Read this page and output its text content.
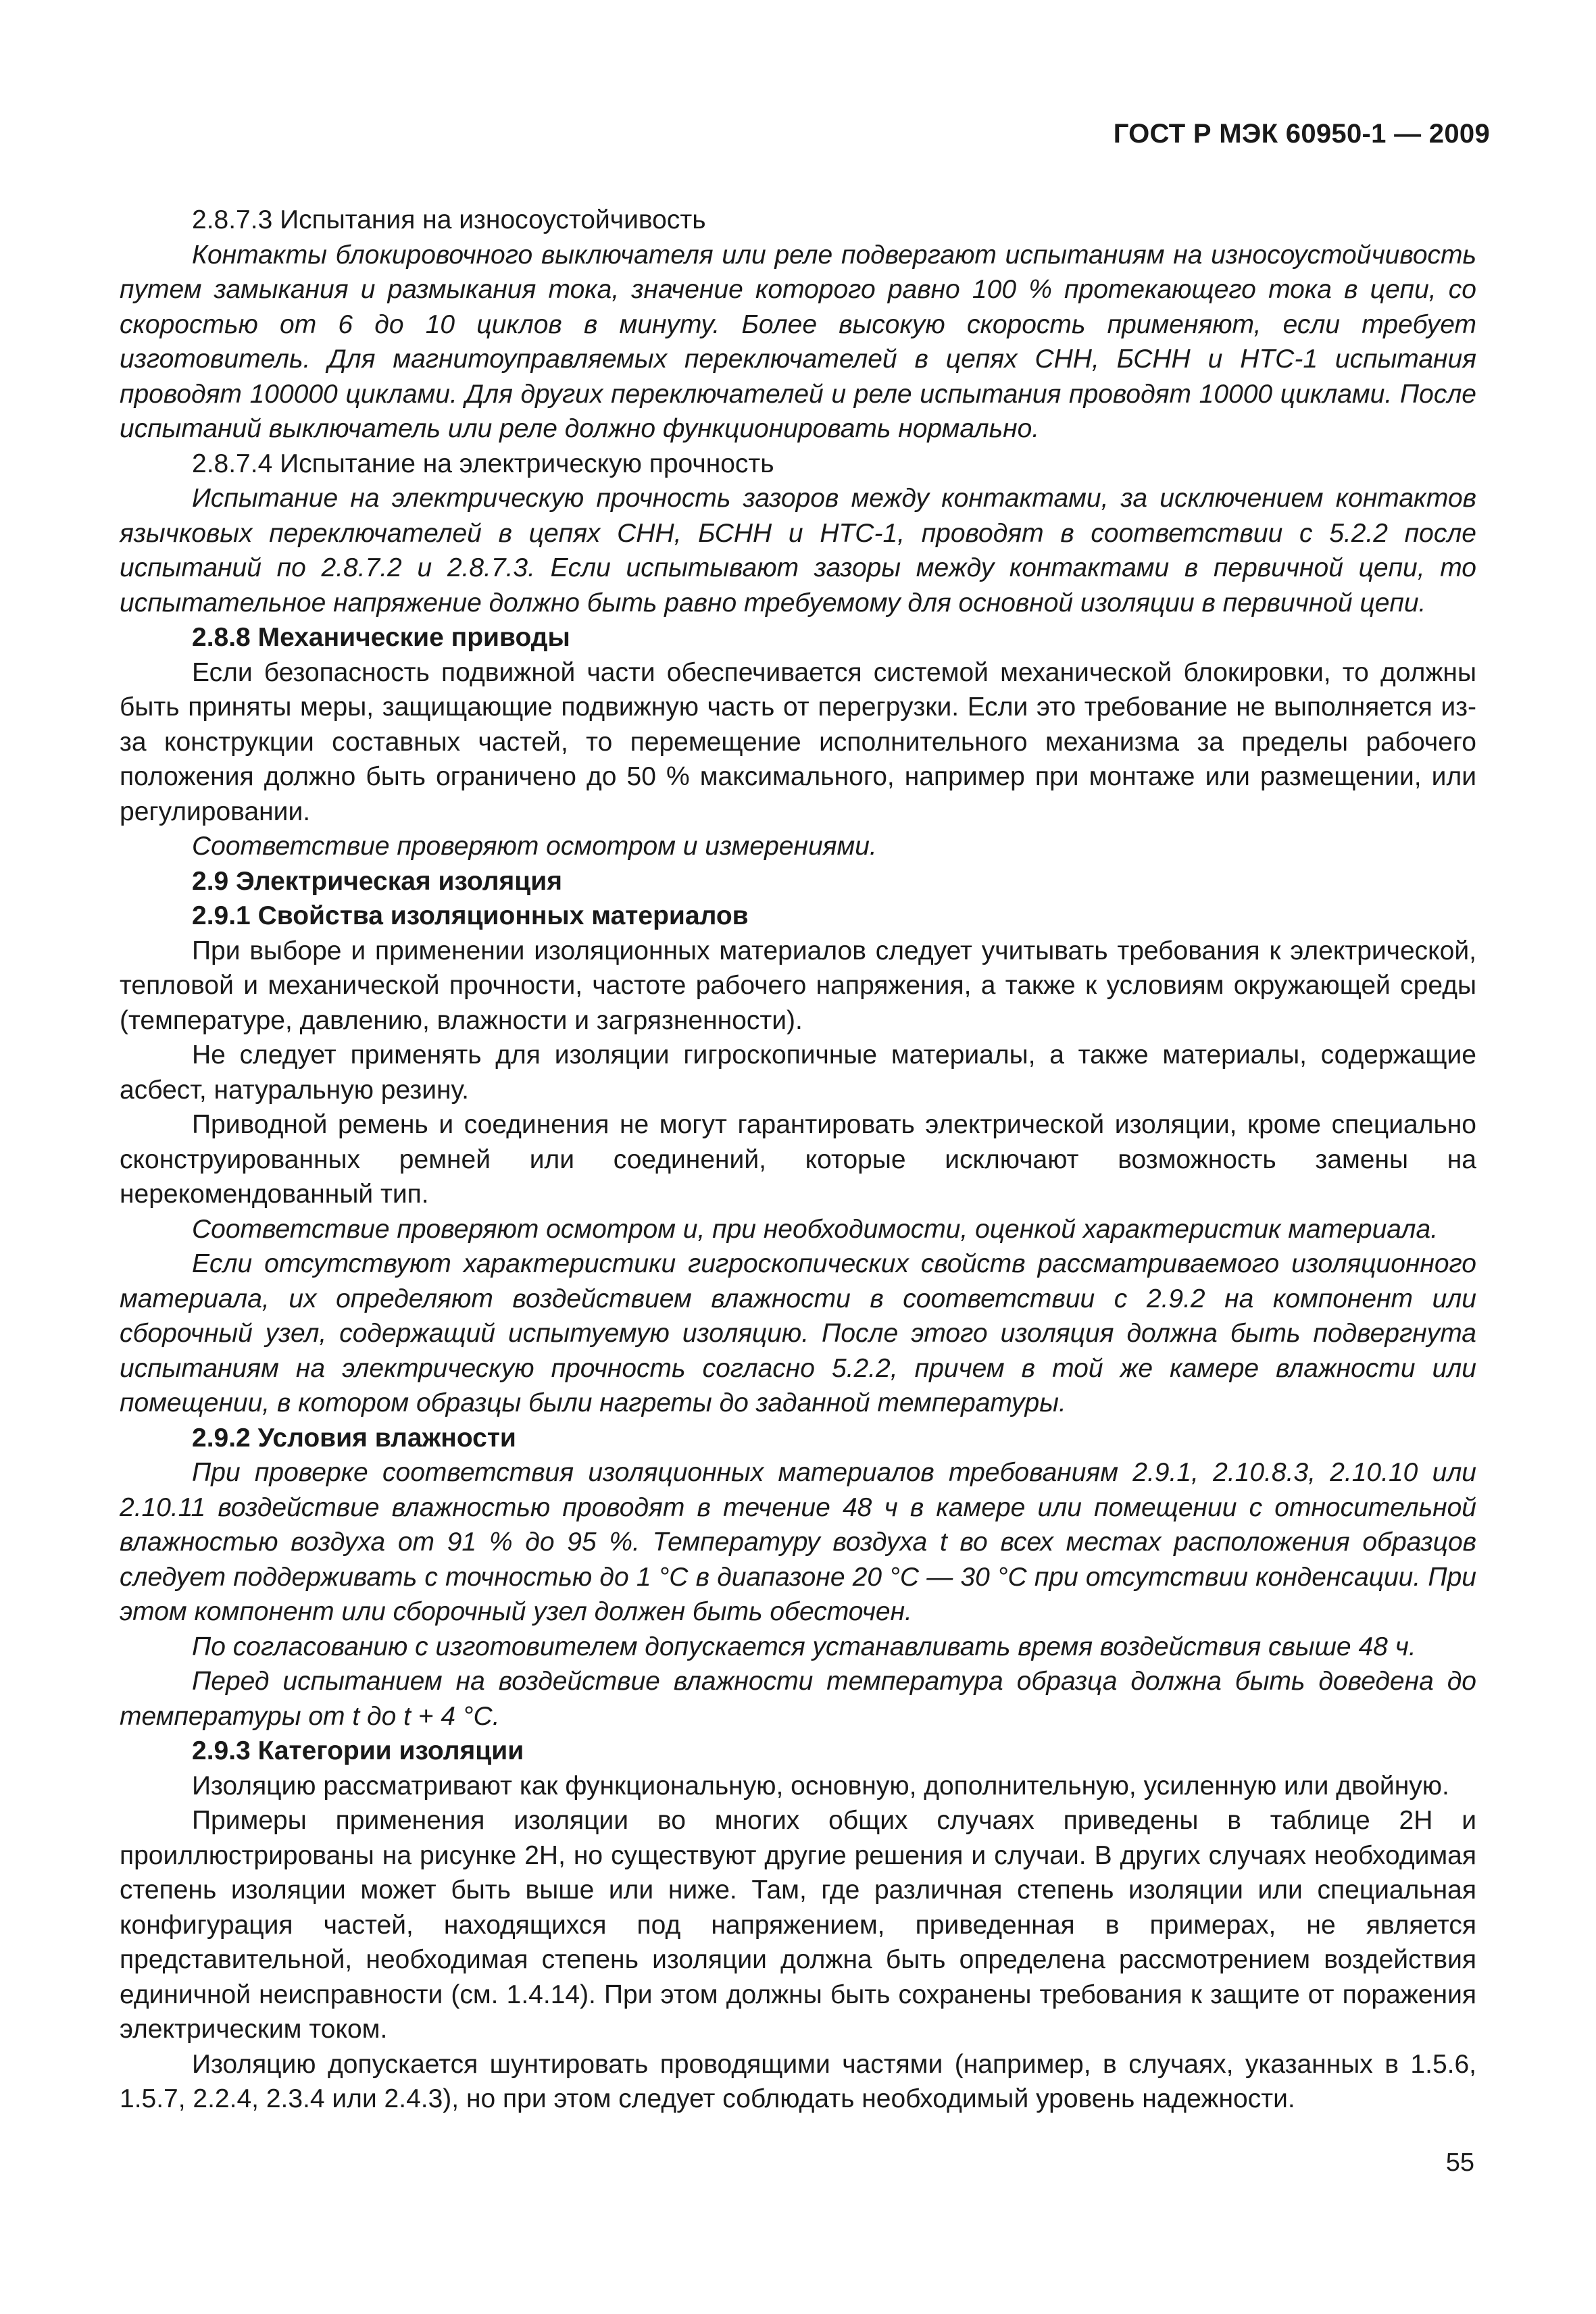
ГОСТ Р МЭК 60950-1 — 2009

2.8.7.3 Испытания на износоустойчивость

Контакты блокировочного выключателя или реле подвергают испытаниям на износоустойчивость путем замыкания и размыкания тока, значение которого равно 100 % протекающего тока в цепи, со скоростью от 6 до 10 циклов в минуту. Более высокую скорость применяют, если требует изготовитель. Для магнитоуправляемых переключателей в цепях СНН, БСНН и НТС-1 испытания проводят 100000 циклами. Для других переключателей и реле испытания проводят 10000 циклами. После испытаний выключатель или реле должно функционировать нормально.

2.8.7.4 Испытание на электрическую прочность

Испытание на электрическую прочность зазоров между контактами, за исключением контактов язычковых переключателей в цепях СНН, БСНН и НТС-1, проводят в соответствии с 5.2.2 после испытаний по 2.8.7.2 и 2.8.7.3. Если испытывают зазоры между контактами в первичной цепи, то испытательное напряжение должно быть равно требуемому для основной изоляции в первичной цепи.

2.8.8 Механические приводы

Если безопасность подвижной части обеспечивается системой механической блокировки, то должны быть приняты меры, защищающие подвижную часть от перегрузки. Если это требование не выполняется из-за конструкции составных частей, то перемещение исполнительного механизма за пределы рабочего положения должно быть ограничено до 50 % максимального, например при монтаже или размещении, или регулировании.

Соответствие проверяют осмотром и измерениями.

2.9 Электрическая изоляция

2.9.1 Свойства изоляционных материалов

При выборе и применении изоляционных материалов следует учитывать требования к электрической, тепловой и механической прочности, частоте рабочего напряжения, а также к условиям окружающей среды (температуре, давлению, влажности и загрязненности).

Не следует применять для изоляции гигроскопичные материалы, а также материалы, содержащие асбест, натуральную резину.

Приводной ремень и соединения не могут гарантировать электрической изоляции, кроме специально сконструированных ремней или соединений, которые исключают возможность замены на нерекомендованный тип.

Соответствие проверяют осмотром и, при необходимости, оценкой характеристик материала.

Если отсутствуют характеристики гигроскопических свойств рассматриваемого изоляционного материала, их определяют воздействием влажности в соответствии с 2.9.2 на компонент или сборочный узел, содержащий испытуемую изоляцию. После этого изоляция должна быть подвергнута испытаниям на электрическую прочность согласно 5.2.2, причем в той же камере влажности или помещении, в котором образцы были нагреты до заданной температуры.

2.9.2 Условия влажности

При проверке соответствия изоляционных материалов требованиям 2.9.1, 2.10.8.3, 2.10.10 или 2.10.11 воздействие влажностью проводят в течение 48 ч в камере или помещении с относительной влажностью воздуха от 91 % до 95 %. Температуру воздуха t во всех местах расположения образцов следует поддерживать с точностью до 1 °С в диапазоне 20 °С — 30 °С при отсутствии конденсации. При этом компонент или сборочный узел должен быть обесточен.

По согласованию с изготовителем допускается устанавливать время воздействия свыше 48 ч.

Перед испытанием на воздействие влажности температура образца должна быть доведена до температуры от t до t + 4 °С.

2.9.3 Категории изоляции

Изоляцию рассматривают как функциональную, основную, дополнительную, усиленную или двойную.

Примеры применения изоляции во многих общих случаях приведены в таблице 2Н и проиллюстрированы на рисунке 2Н, но существуют другие решения и случаи. В других случаях необходимая степень изоляции может быть выше или ниже. Там, где различная степень изоляции или специальная конфигурация частей, находящихся под напряжением, приведенная в примерах, не является представительной, необходимая степень изоляции должна быть определена рассмотрением воздействия единичной неисправности (см. 1.4.14). При этом должны быть сохранены требования к защите от поражения электрическим током.

Изоляцию допускается шунтировать проводящими частями (например, в случаях, указанных в 1.5.6, 1.5.7, 2.2.4, 2.3.4 или 2.4.3), но при этом следует соблюдать необходимый уровень надежности.

55
